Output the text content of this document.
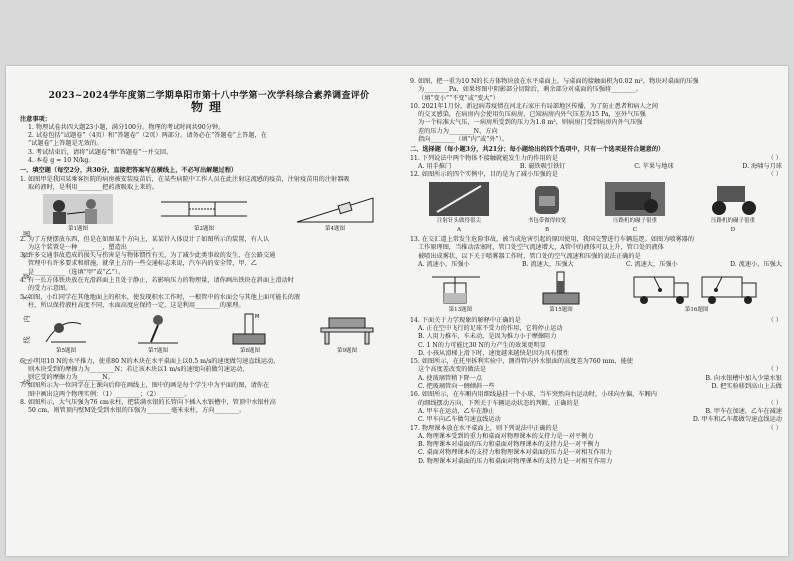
装 订 线 内 不 要 答 题
2023~2024学年度第二学期阜阳市第十八中学第一次学科综合素养调查评价
物理
注意事项：
1. 物理试卷共四大题23小题，满分100分。物理的考试时间共90分钟。
2. 试卷包括“试题卷”（4页）和“答题卷”（2页）两部分。请务必在“答题卷”上答题，在
“试题卷”上答题是无效的。
3. 考试结束后，请将“试题卷”和“答题卷”一并交回。
4. 本卷 g = 10 N/kg。
一、填空题（每空2分，共30分，直接把答案写在横线上，不必写出解题过程）
1. 如图甲是我国某乘客医院的病房被安装疫苗后，在某些病院中工作人员在此注射这流感的疫苗，注射疫苗用的注射器吸
取药液时，是利用________把药液吸取上来的。
第1题图	第2题图	第4题图
2. 为了方便摆放东西，但是在如图某个方向上，某某针入体设计了如图所示的装置，有人认
为这个装置是一种________，塑造出________。
3. 许多交通事故造成的损失与伤害是与物体惯性有关，为了减少此类事故的发生，在公路交通
管理中有许多要求和措施，就拿上方的一些交通标志来说，汽车内的安全带，甲、乙
是__________（选填“甲”或“乙”）。
4. 有一长方体铁块放在光滑斜面上且处于静止，若影响压力的物理量，请你画出铁块在斜面上滑动时
的受力示意图。
5. 如图，小红同学在其他地面上的积水，使发现积水工作时，一根管中的水面会与其他上面可能长的液
柱，所以保持液柱高度不同，水面高度应保持一定，这是利用________的原理。
第5题图	第7题图
M
第8题图	第9题图
6. 小明用10 N的水平推力，使重80 N的木块在水平桌面上以0.5 m/s的速度做匀速直线运动，
则木块受到的摩擦力为________N；若让该木块以1 m/s的速度向前做匀速运动，
则它受的摩擦力为________N。
7. 如图所示为一位同学在上课向后仰在画线上，图中的画是每个学生中为平面的图，请你在
图中画出这两个物理实例：（1）________；（2）________。
8. 如图所示，大气压强为76 cm汞柱，把装满水银的长管向下插入水银槽中，管顶中水银柱高
50 cm，则管顶内壁M处受到水银的压强为________毫米汞柱，方向________。
9. 如图，把一重为10 N的长方体物块放在水平桌面上，与桌面的接触面积为0.02 m²，物块对桌面的压强
为________Pa，如果将图中阴影部分切除后，剩余部分对桌面的压强将________。
（填“变小”“不变”或“变大”）
10. 2021年1月份，新冠病毒疫情在河北石家庄有局部地区传播，为了防止患者和病人之间
的交叉感染，在病房内会使用负压病房，已知病房内外气压差为15 Pa，室外气压强
为一个标准大气压，一病房所受到的压力为1.8 m²，则病房门受到病房内外气压强
差的压力为________N，方向
指向________（填“内”或“外”）。
二、选择题（每小题3分，共21分；每小题给出的四个选项中，只有一个选项是符合题意的）
11. 下列说法中两个物体不接触就能发生力的作用的是	（ ）
A. 用手推门	B. 磁铁吸引铁钉	C. 苹果与地球	D. 海啸与月球
12. 如图所示的四个实例中，目的是为了减小压强的是	（ ）
注射针头做得很尖
A
书包带做得较宽
B
压路机的碾子很重
C
压路机的碾子很重
D
13. 在交汇道上常发生危险事故，被当成危害引起的原因使用，我国交警进行车辆巡逻。如图为喷雾器的
工作原理图，当推动活塞时，管口处空气流速增大，A管中的液体可以上升，管口处的液体
被喷出成雾状，以下关于喷雾器工作时，管口处的空气流速和压强的说法正确的是
A. 流速小，压强小	B. 流速大，压强大	C. 流速大，压强小	D. 流速小，压强大
第13题图	第15题图	第16题图
14. 下面关于力学现象的解释中正确的是	（ ）
A. 正在空中飞行的足球不受力的作用，它将停止运动
B. 人用力推车，车未动，是因为推力小于摩擦阻力
C. 1 N的力可能比30 N的力产生的效果更明显
D. 小孩从滑梯上滑下时，速度越来越快是因为具有惯性
15. 如图所示，在托里拆利实验中，测得管内外水银面的高度差为760 mm，能使
这个高度差改变的做法是	（ ）
A. 使玻璃管稍下降一点	B. 向水银槽中加入少量水银
C. 把玻璃管向一侧倾斜一些	D. 把实验移到高山上去做
16. 如图所示，在车厢内用细线悬挂一个小球，当车突然向右运动时，小球向左偏，车厢内
的细线摆动方向，下列关于车辆运动状态的判断，正确的是	（ ）
A. 甲车在运动，乙车在静止	B. 甲车在加速，乙车在减速
C. 甲车向乙车做匀速直线运动	D. 甲车和乙车都做匀速直线运动
17. 物理课本放在水平桌面上，则下列说法中正确的是	（ ）
A. 物理课本受到的重力和桌面对物理课本的支持力是一对平衡力
B. 物理课本对桌面的压力和桌面对物理课本的支持力是一对平衡力
C. 桌面对物理课本的支持力和物理课本对桌面的压力是一对相互作用力
D. 物理课本对桌面的压力和桌面对物理课本的支持力是一对相互作用力
